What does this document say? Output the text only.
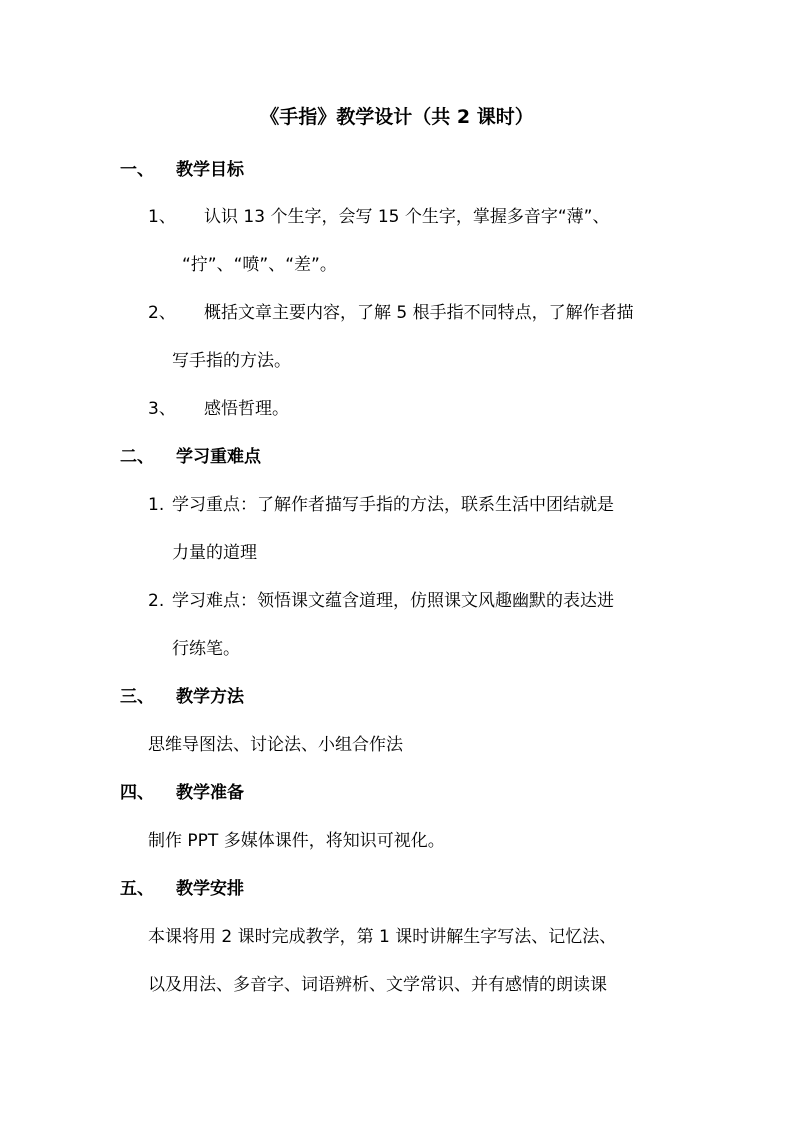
《手指》教学设计（共 2 课时）
一、 教学目标
1、 认识 13 个生字，会写 15 个生字，掌握多音字“薄”、
“拧”、“喷”、“差”。
2、 概括文章主要内容，了解 5 根手指不同特点，了解作者描
写手指的方法。
3、 感悟哲理。
二、 学习重难点
1. 学习重点：了解作者描写手指的方法，联系生活中团结就是
力量的道理
2. 学习难点：领悟课文蕴含道理，仿照课文风趣幽默的表达进
行练笔。
三、 教学方法
思维导图法、讨论法、小组合作法
四、 教学准备
制作 PPT 多媒体课件，将知识可视化。
五、 教学安排
本课将用 2 课时完成教学，第 1 课时讲解生字写法、记忆法、
以及用法、多音字、词语辨析、文学常识、并有感情的朗读课
